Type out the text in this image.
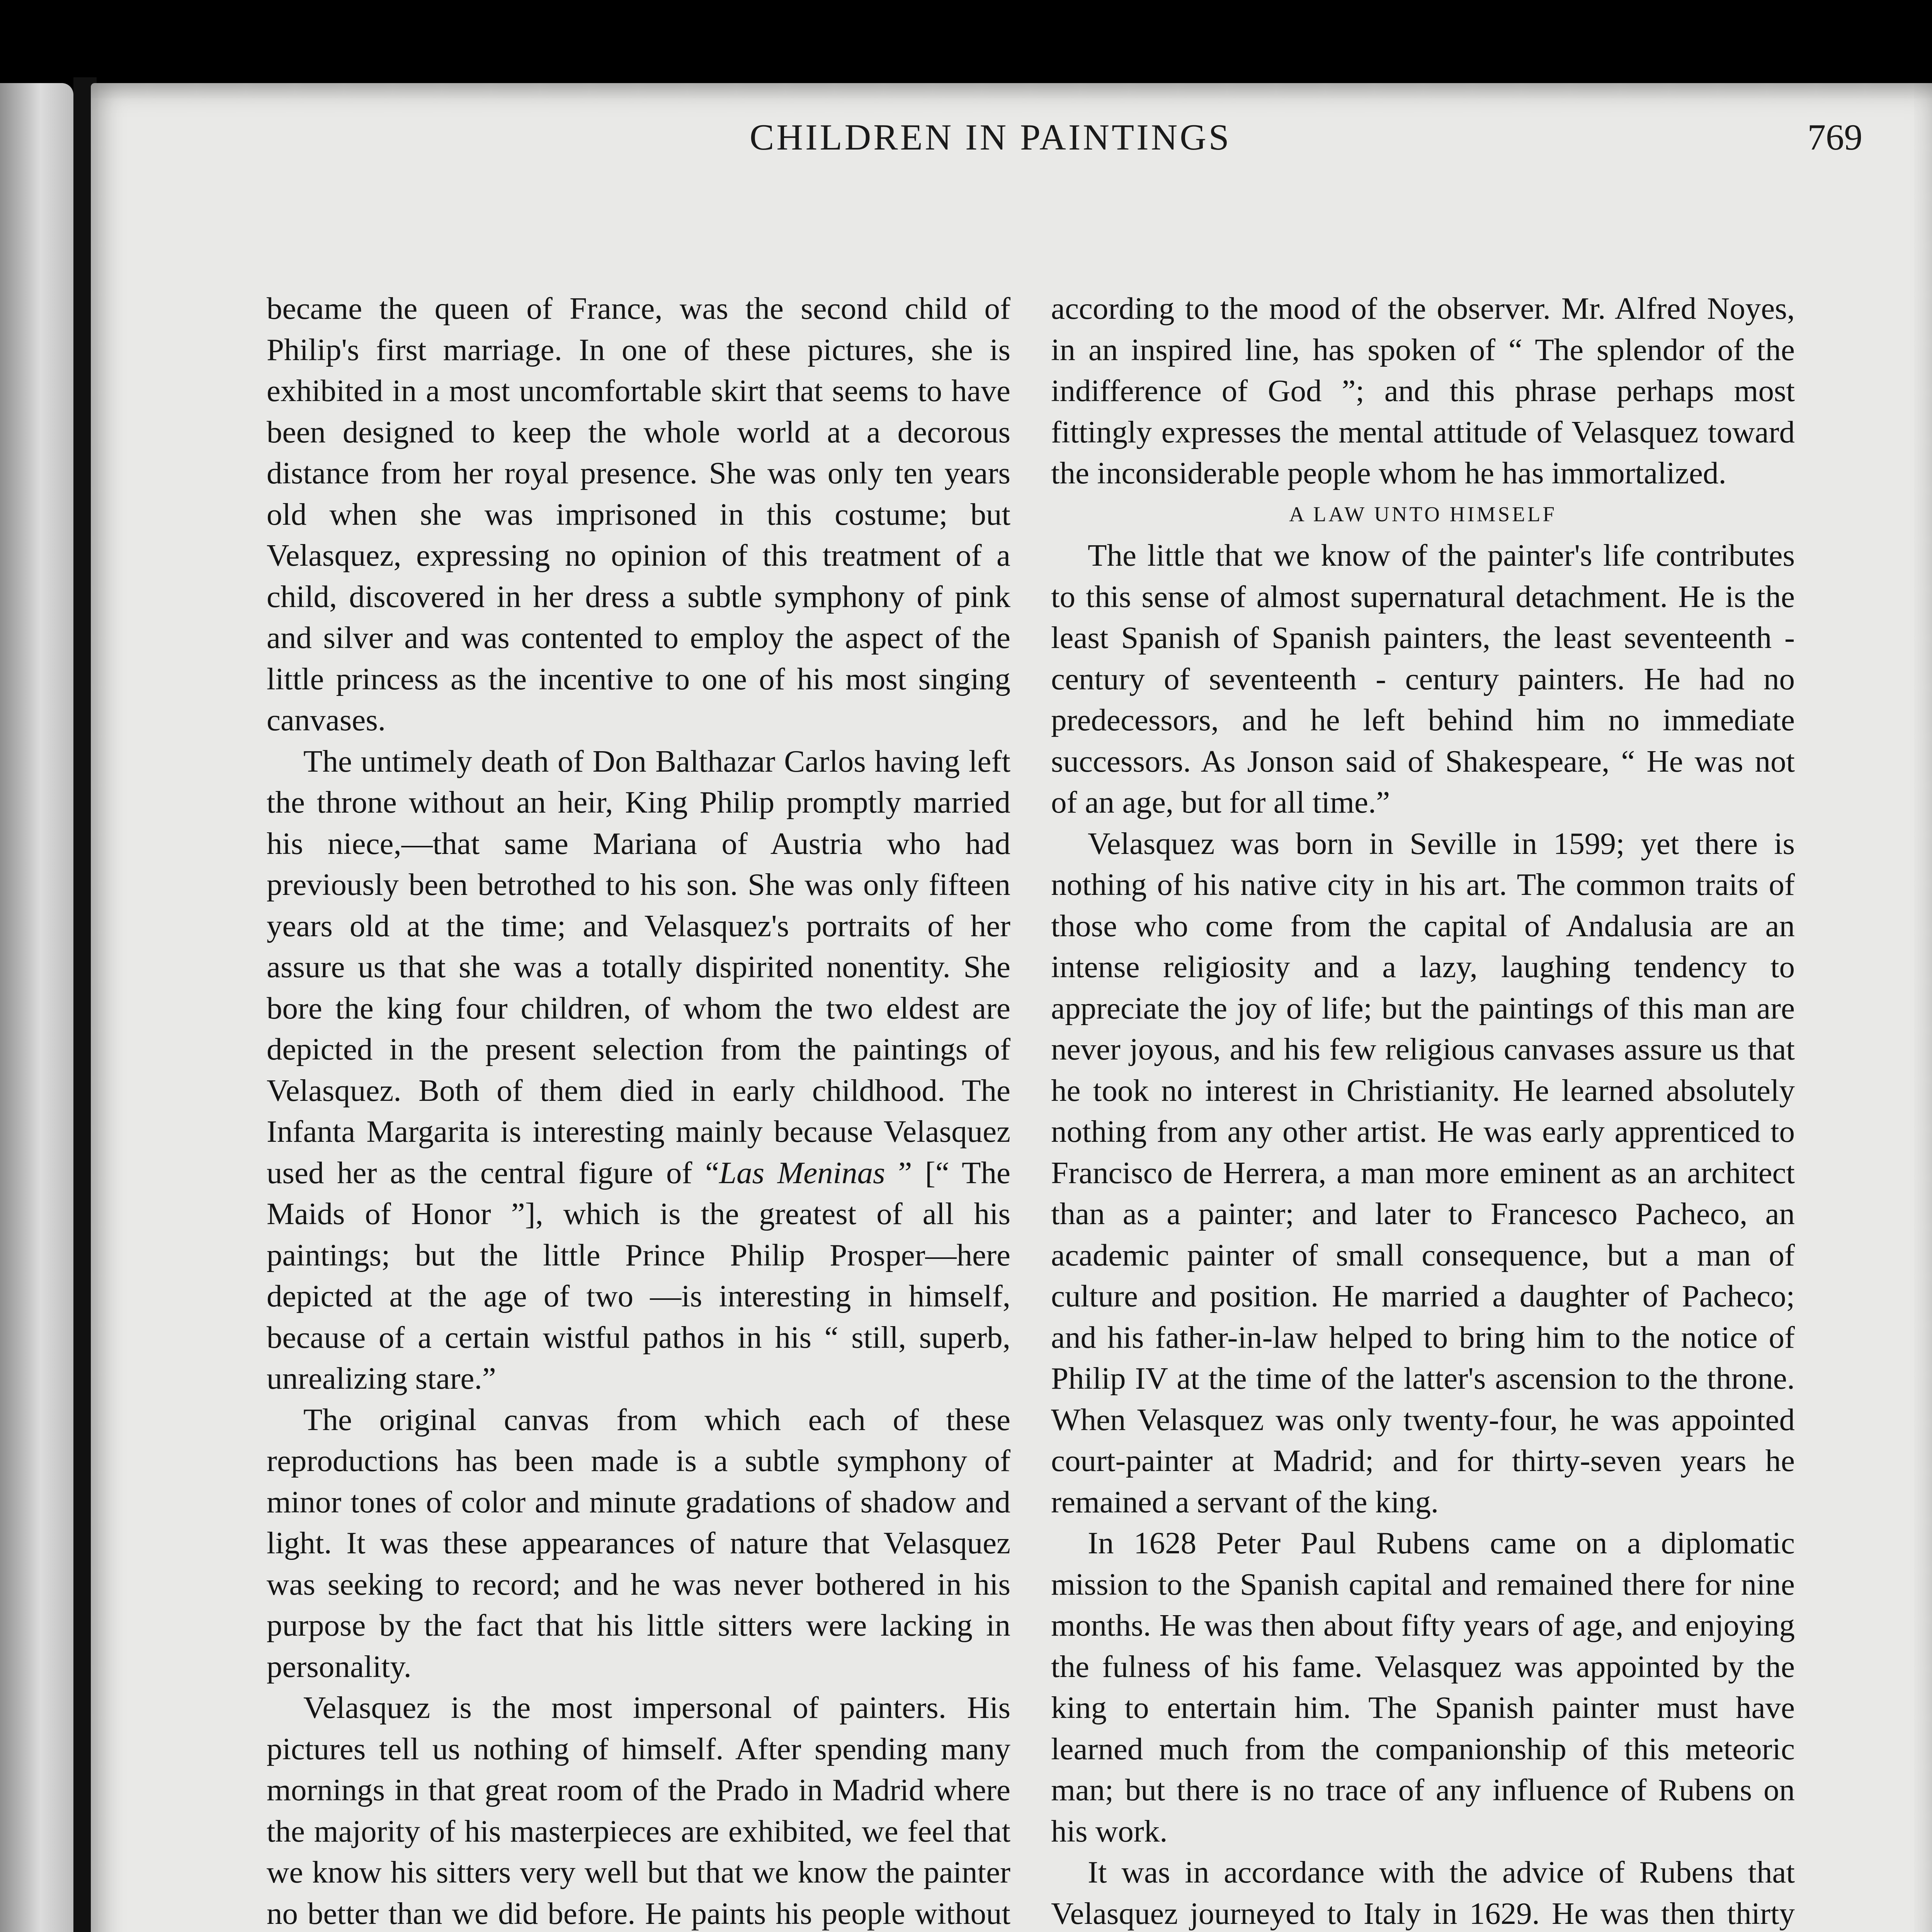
CHILDREN IN PAINTINGS	769

became the queen of France, was the second child of Philip's first marriage. In one of these pictures, she is exhibited in a most uncomfortable skirt that seems to have been designed to keep the whole world at a decorous distance from her royal presence. She was only ten years old when she was imprisoned in this costume; but Velasquez, expressing no opinion of this treatment of a child, discovered in her dress a subtle symphony of pink and silver and was contented to employ the aspect of the little princess as the incentive to one of his most singing canvases.

The untimely death of Don Balthazar Carlos having left the throne without an heir, King Philip promptly married his niece,—that same Mariana of Austria who had previously been betrothed to his son. She was only fifteen years old at the time; and Velasquez's portraits of her assure us that she was a totally dispirited nonentity. She bore the king four children, of whom the two eldest are depicted in the present selection from the paintings of Velasquez. Both of them died in early childhood. The Infanta Margarita is interesting mainly because Velasquez used her as the central figure of “Las Meninas ” [“ The Maids of Honor ”], which is the greatest of all his paintings; but the little Prince Philip Prosper—here depicted at the age of two —is interesting in himself, because of a certain wistful pathos in his “ still, superb, unrealizing stare.”

The original canvas from which each of these reproductions has been made is a subtle symphony of minor tones of color and minute gradations of shadow and light. It was these appearances of nature that Velasquez was seeking to record; and he was never bothered in his purpose by the fact that his little sitters were lacking in personality.

Velasquez is the most impersonal of painters. His pictures tell us nothing of himself. After spending many mornings in that great room of the Prado in Madrid where the majority of his masterpieces are exhibited, we feel that we know his sitters very well but that we know the painter no better than we did before. He paints his people without

according to the mood of the observer. Mr. Alfred Noyes, in an inspired line, has spoken of “ The splendor of the indifference of God ”; and this phrase perhaps most fittingly expresses the mental attitude of Velasquez toward the inconsiderable people whom he has immortalized.

A LAW UNTO HIMSELF

The little that we know of the painter's life contributes to this sense of almost supernatural detachment. He is the least Spanish of Spanish painters, the least seventeenth - century of seventeenth - century painters. He had no predecessors, and he left behind him no immediate successors. As Jonson said of Shakespeare, “ He was not of an age, but for all time.”

Velasquez was born in Seville in 1599; yet there is nothing of his native city in his art. The common traits of those who come from the capital of Andalusia are an intense religiosity and a lazy, laughing tendency to appreciate the joy of life; but the paintings of this man are never joyous, and his few religious canvases assure us that he took no interest in Christianity. He learned absolutely nothing from any other artist. He was early apprenticed to Francisco de Herrera, a man more eminent as an architect than as a painter; and later to Francesco Pacheco, an academic painter of small consequence, but a man of culture and position. He married a daughter of Pacheco; and his father-in-law helped to bring him to the notice of Philip IV at the time of the latter's ascension to the throne. When Velasquez was only twenty-four, he was appointed court-painter at Madrid; and for thirty-seven years he remained a servant of the king.

In 1628 Peter Paul Rubens came on a diplomatic mission to the Spanish capital and remained there for nine months. He was then about fifty years of age, and enjoying the fulness of his fame. Velasquez was appointed by the king to entertain him. The Spanish painter must have learned much from the companionship of this meteoric man; but there is no trace of any influence of Rubens on his work.

It was in accordance with the advice of Rubens that Velasquez journeyed to Italy in 1629. He was then thirty
